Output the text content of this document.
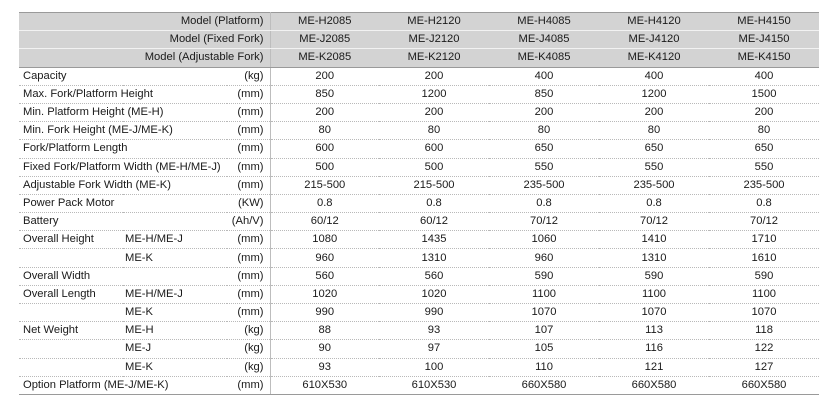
Model (Platform)			ME-H2085	ME-H2120	ME-H4085	ME-H4120	ME-H4150
Model (Fixed Fork)			ME-J2085	ME-J2120	ME-J4085	ME-J4120	ME-J4150
Model (Adjustable Fork)			ME-K2085	ME-K2120	ME-K4085	ME-K4120	ME-K4150
Capacity		(kg)	200	200	400	400	400
Max. Fork/Platform Height		(mm)	850	1200	850	1200	1500
Min. Platform Height (ME-H)		(mm)	200	200	200	200	200
Min. Fork Height (ME-J/ME-K)		(mm)	80	80	80	80	80
Fork/Platform Length		(mm)	600	600	650	650	650
Fixed Fork/Platform Width (ME-H/ME-J)		(mm)	500	500	550	550	550
Adjustable Fork Width (ME-K)		(mm)	215-500	215-500	235-500	235-500	235-500
Power Pack Motor		(KW)	0.8	0.8	0.8	0.8	0.8
Battery		(Ah/V)	60/12	60/12	70/12	70/12	70/12
Overall Height	ME-H/ME-J	(mm)	1080	1435	1060	1410	1710
	ME-K	(mm)	960	1310	960	1310	1610
Overall Width		(mm)	560	560	590	590	590
Overall Length	ME-H/ME-J	(mm)	1020	1020	1100	1100	1100
	ME-K	(mm)	990	990	1070	1070	1070
Net Weight	ME-H	(kg)	88	93	107	113	118
	ME-J	(kg)	90	97	105	116	122
	ME-K	(kg)	93	100	110	121	127
Option Platform (ME-J/ME-K)		(mm)	610X530	610X530	660X580	660X580	660X580
